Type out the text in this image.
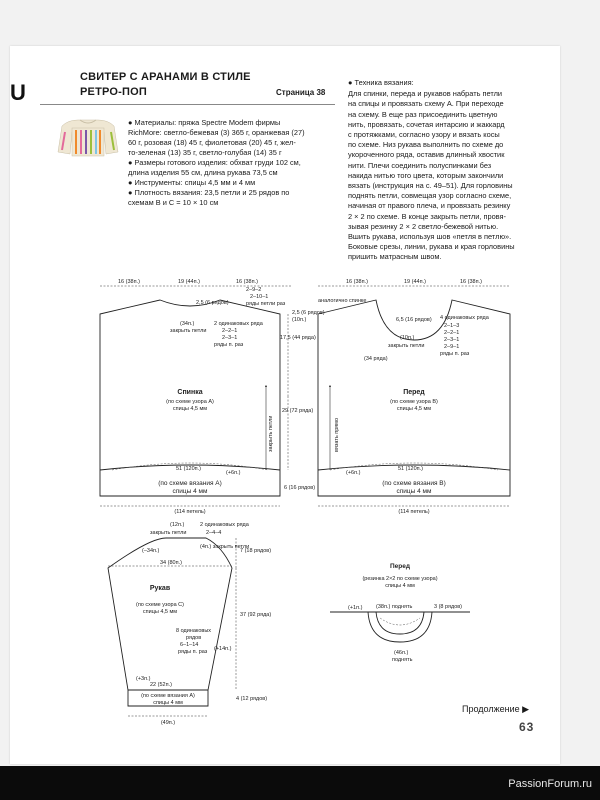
U
СВИТЕР С АРАНАМИ В СТИЛЕ
РЕТРО-ПОП	Страница 38

● Материалы: пряжа Spectre Modem фирмы

RichMore: светло-бежевая (3) 365 г, оранжевая (27)

60 г, розовая (18) 45 г, фиолетовая (20) 45 г, жел-

то-зеленая (13) 35 г, светло-голубая (14) 35 г

● Размеры готового изделия: обхват груди 102 см,

длина изделия 55 см, длина рукава 73,5 см

● Инструменты: спицы 4,5 мм и 4 мм

● Плотность вязания: 23,5 петли и 25 рядов по

схемам В и С = 10 × 10 см

● Техника вязания:

Для спинки, переда и рукавов набрать петли

на спицы и провязать схему А. При переходе

на схему. В еще раз присоединить цветную

нить, провязать, сочетая интарсию и жаккард

с протяжками, согласно узору и вязать косы

по схеме. Низ рукава выполнить по схеме до

укороченного ряда, оставив длинный хвостик

нити. Плечи соединить полуспинками без

накида нитью того цвета, которым закончили

вязать (инструкция на с. 49–51). Для горловины

поднять петли, совмещая узор согласно схеме,

начиная от правого плеча, и провязать резинку

2 × 2 по схеме. В конце закрыть петли, провя-

зывая резинку 2 × 2 светло-бежевой нитью.

Вшить рукава, используя шов «петля в петлю».

Боковые срезы, линии, рукава и края горловины

пришить матрасным швом.

16 (38п.)	19 (44п.)	16 (38п.)
2,5 (6 рядов)
2–9–2
2–10–1
ряды петли раз
(34п.)
закрыть петли
2 одинаковых ряда
2–2–1
2–3–1
ряды п. раз
2,5 (6 рядов)
(10п.)
17,5 (44 ряда)
29 (72 ряда)
закрыть петли
Спинка
(по схеме узора А)
спицы 4,5 мм
51 (120п.)
(+6п.)
6 (16 рядов)
(по схеме вязания А)
спицы 4 мм
(114 петель)
16 (38п.)	19 (44п.)	16 (38п.)
аналогично спинке
6,5 (16 рядов) 4 одинаковых ряда
2–1–3
2–2–1
2–3–1
2–9–1
ряды п. раз
(10п.)
закрыть петли
(34 ряда)
вязать прямо
Перед
(по схеме узора В)
спицы 4,5 мм
51 (120п.)
(+6п.)
(по схеме вязания В)
спицы 4 мм
(114 петель)
(12п.)
закрыть петли
2 одинаковых ряда
2–4–4
(–34п.)
(4п.) закрыть петли
7 (18 рядов)
34 (80п.)
Рукав
(по схеме узора С)
спицы 4,5 мм
8 одинаковых
рядов
6–1–14
ряды п. раз (+14п.)
37 (92 ряда)
(+3п.)
22 (52п.)
4 (12 рядов)
(по схеме вязания А)
спицы 4 мм
(49п.)
Перед
(резинка 2×2 по схеме узора)
спицы 4 мм
(38п.) поднять	3 (8 рядов)
(+1п.)
(46п.)
поднять
Продолжение ▶
63
PassionForum.ru
